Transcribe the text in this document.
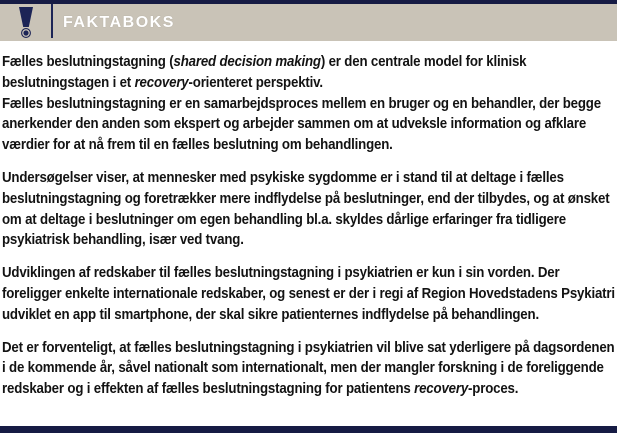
FAKTABOKS

Fælles beslutningstagning (shared decision making) er den centrale model for klinisk beslutningstagen i et recovery-orienteret perspektiv.

Fælles beslutningstagning er en samarbejdsproces mellem en bruger og en behandler, der begge anerkender den anden som ekspert og arbejder sammen om at udveksle information og afklare værdier for at nå frem til en fælles beslutning om behandlingen.

Undersøgelser viser, at mennesker med psykiske sygdomme er i stand til at deltage i fælles beslutningstagning og foretrækker mere indflydelse på beslutninger, end der tilbydes, og at ønsket om at deltage i beslutninger om egen behandling bl.a. skyldes dårlige erfaringer fra tidligere psykiatrisk behandling, især ved tvang.

Udviklingen af redskaber til fælles beslutningstagning i psykiatrien er kun i sin vorden. Der foreligger enkelte internationale redskaber, og senest er der i regi af Region Hovedstadens Psykiatri udviklet en app til smartphone, der skal sikre patienternes indflydelse på behandlingen.

Det er forventeligt, at fælles beslutningstagning i psykiatrien vil blive sat yderligere på dagsordenen i de kommende år, såvel nationalt som internationalt, men der mangler forskning i de foreliggende redskaber og i effekten af fælles beslutningstagning for patientens recovery-proces.
